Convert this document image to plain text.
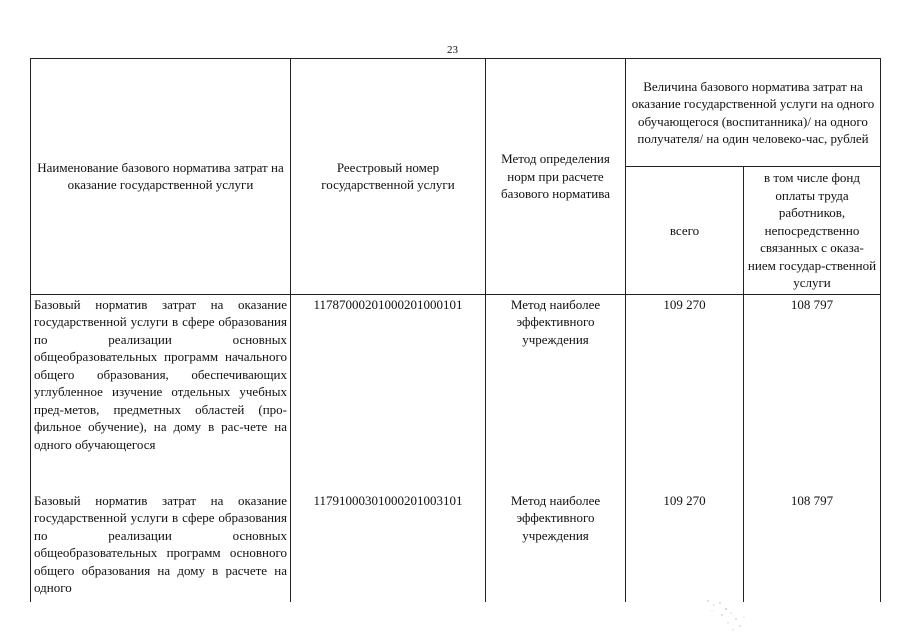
23
Наименование базового норматива затрат на оказание государственной услуги	Реестровый номер государственной услуги	Метод определения норм при расчете базового норматива	Величина базового норматива затрат на оказание государственной услуги на одного обучающегося (воспитанника)/ на одного получателя/ на один человеко-час, рублей	
			всего	в том числе фонд оплаты труда работников, непосредственно связанных с оказа-нием государ-ственной услуги
Базовый норматив затрат на оказание государственной услуги в сфере образования по реализации основных общеобразовательных программ начального общего образования, обеспечивающих углубленное изучение отдельных учебных пред-метов, предметных областей (про-фильное обучение), на дому в рас-чете на одного обучающегося	11787000201000201000101	Метод наиболее эффективного учреждения	109 270	108 797
Базовый норматив затрат на оказание государственной услуги в сфере образования по реализации основных общеобразовательных программ основного общего образования на дому в расчете на одного	11791000301000201003101	Метод наиболее эффективного учреждения	109 270	108 797
